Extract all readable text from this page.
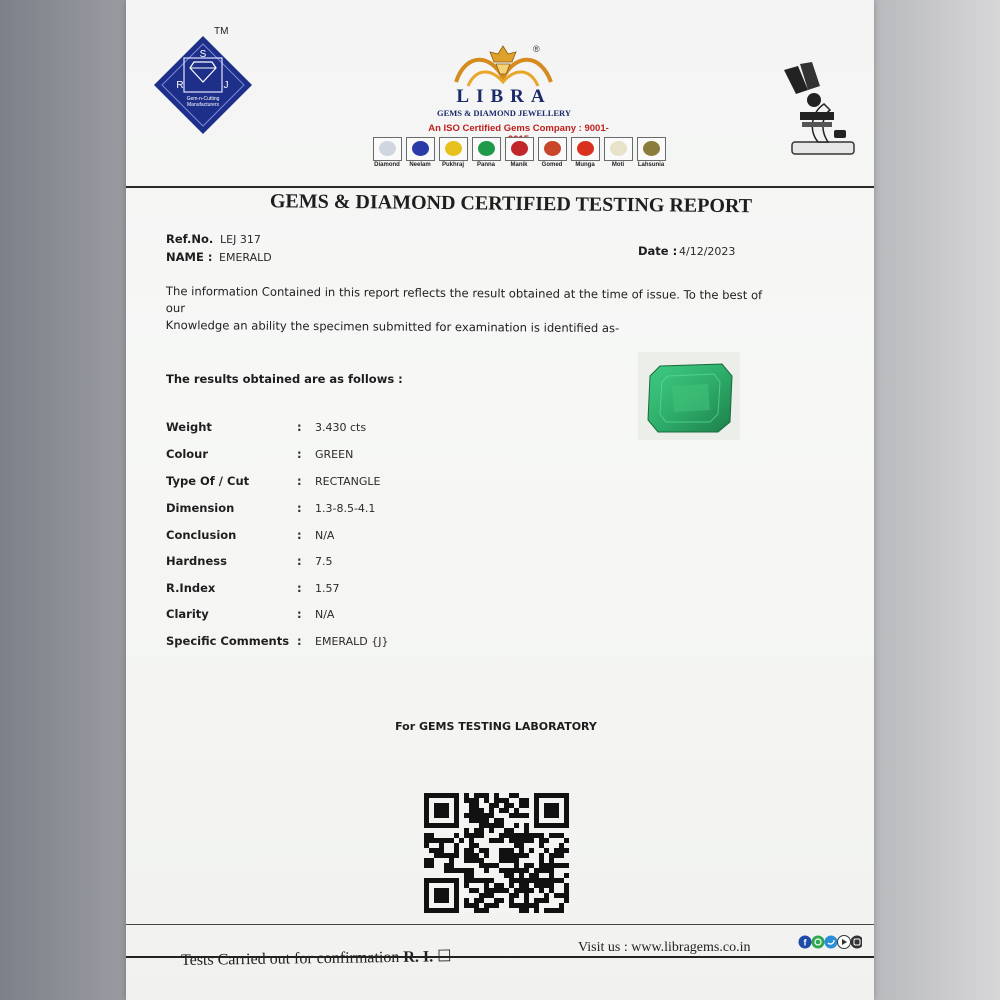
S
R	J
Gem-n-Cutting
Manufacturers
TM
®
LIBRA
GEMS & DIAMOND JEWELLERY
An ISO Certified Gems Company : 9001-
Diamond	Neelam	Pukhraj	Panna	Manik	Gomed	Munga	Moti	Lahsunia
GEMS & DIAMOND CERTIFIED TESTING REPORT
Ref.No. LEJ 317
NAME : EMERALD	Date : 4/12/2023
The information Contained in this report reflects the result obtained at the time of issue. To the best of our
Knowledge an ability the specimen submitted for examination is identified as-
The results obtained are as follows :
Weight	:	3.430 cts
Colour	:	GREEN
Type Of / Cut	:	RECTANGLE
Dimension	:	1.3-8.5-4.1
Conclusion	:	N/A
Hardness	:	7.5
R.Index	:	1.57
Clarity	:	N/A
Specific Comments :	EMERALD {J}
For GEMS TESTING LABORATORY
Visit us : www.libragems.co.in	f
Tests Carried out for confirmation R. I. ☐
